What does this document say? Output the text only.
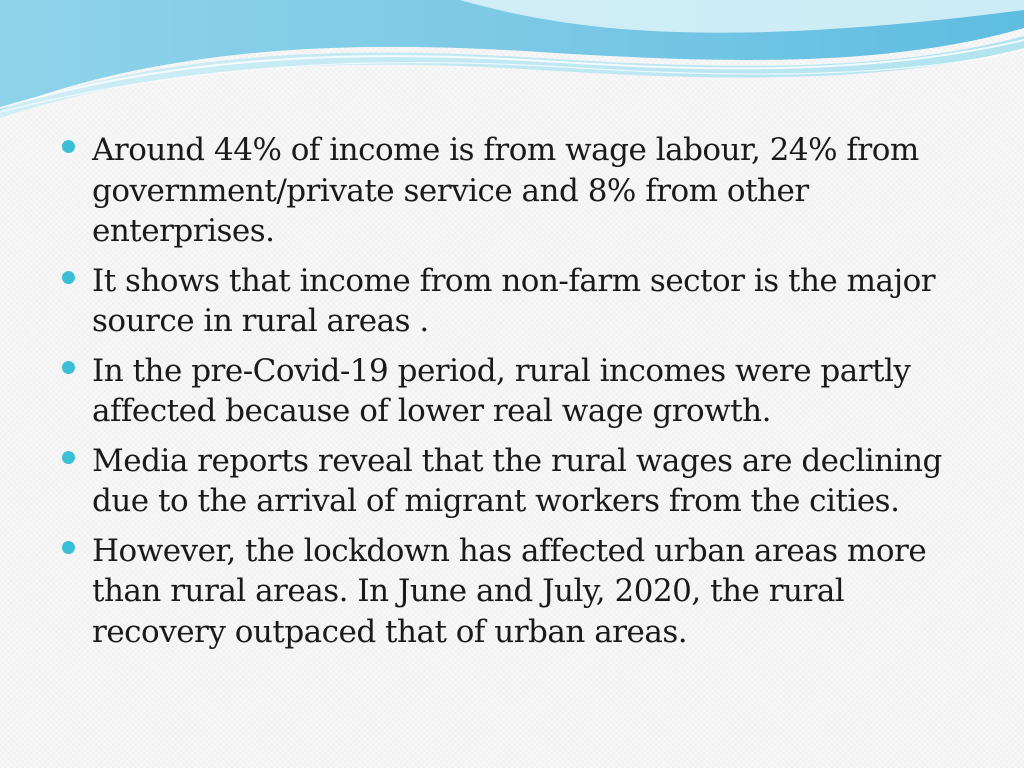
Around 44% of income is from wage labour, 24% from government/private service and 8% from other enterprises.
It shows that income from non-farm sector is the major source in rural areas .
In the pre-Covid-19 period, rural incomes were partly affected because of lower real wage growth.
Media reports reveal that the rural wages are declining due to the arrival of migrant workers from the cities.
However, the lockdown has affected urban areas more than rural areas. In June and July, 2020, the rural recovery outpaced that of urban areas.
